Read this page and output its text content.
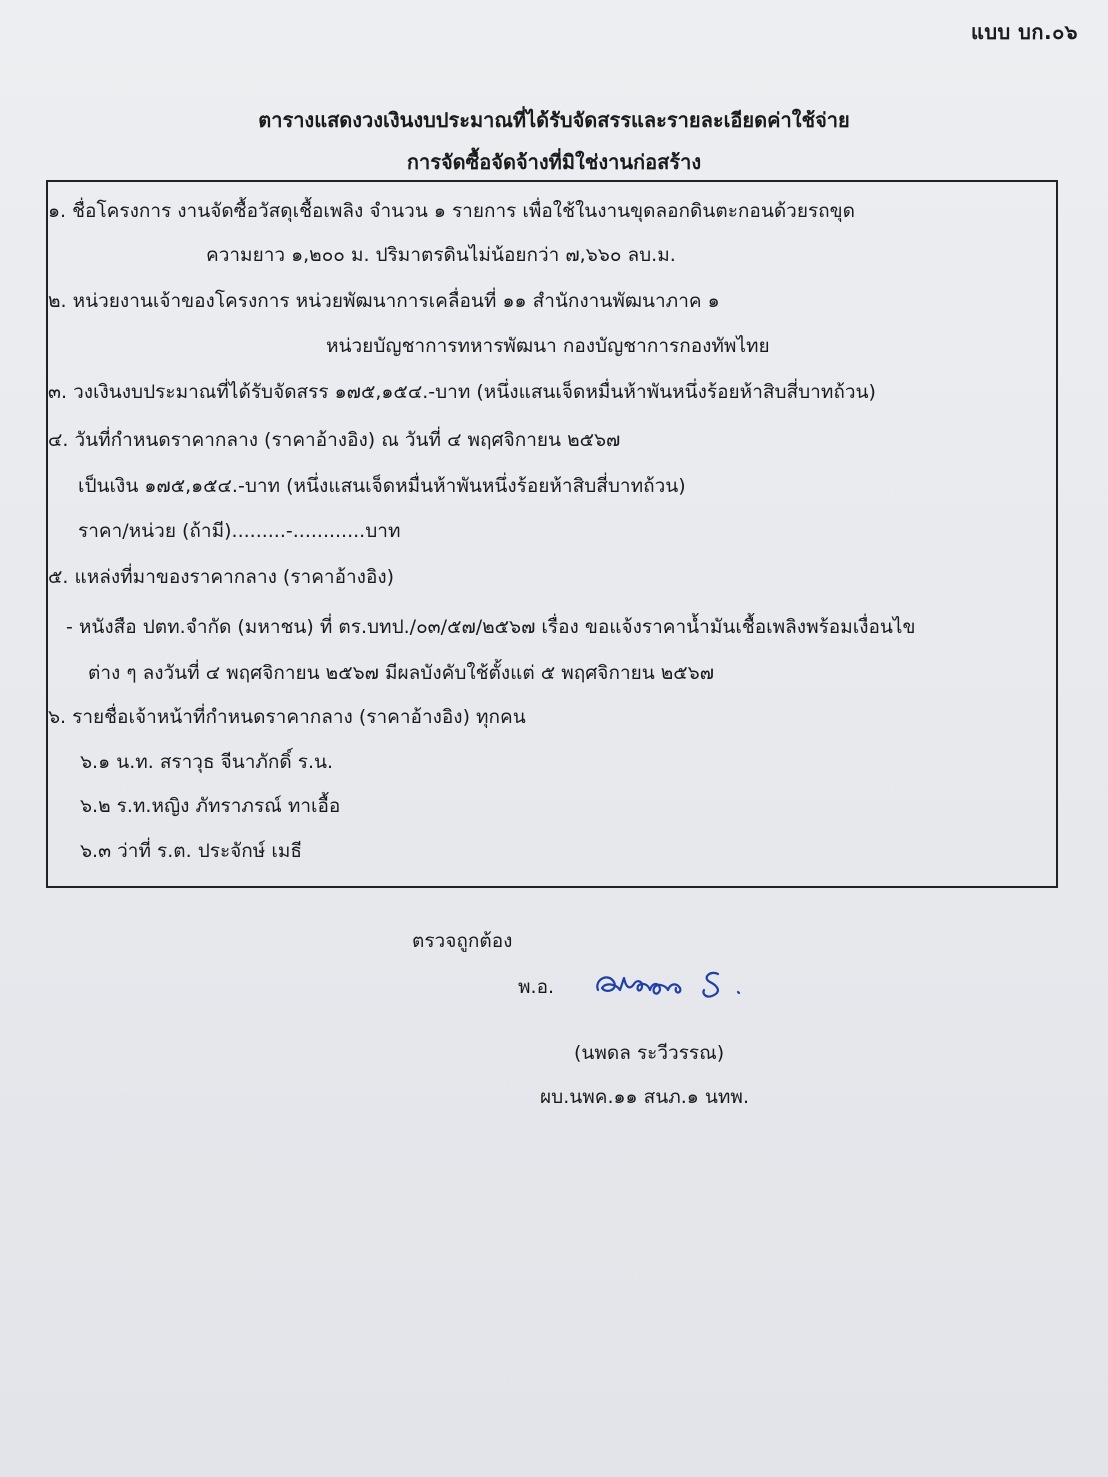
แบบ บก.๐๖
ตารางแสดงวงเงินงบประมาณที่ได้รับจัดสรรและรายละเอียดค่าใช้จ่าย
การจัดซื้อจัดจ้างที่มิใช่งานก่อสร้าง
๑. ชื่อโครงการ งานจัดซื้อวัสดุเชื้อเพลิง จำนวน ๑ รายการ เพื่อใช้ในงานขุดลอกดินตะกอนด้วยรถขุด
ความยาว ๑,๒๐๐ ม. ปริมาตรดินไม่น้อยกว่า ๗,๖๖๐ ลบ.ม.
๒. หน่วยงานเจ้าของโครงการ หน่วยพัฒนาการเคลื่อนที่ ๑๑ สำนักงานพัฒนาภาค ๑
หน่วยบัญชาการทหารพัฒนา กองบัญชาการกองทัพไทย
๓. วงเงินงบประมาณที่ได้รับจัดสรร ๑๗๕,๑๕๔.-บาท (หนึ่งแสนเจ็ดหมื่นห้าพันหนึ่งร้อยห้าสิบสี่บาทถ้วน)
๔. วันที่กำหนดราคากลาง (ราคาอ้างอิง) ณ วันที่ ๔ พฤศจิกายน ๒๕๖๗
เป็นเงิน ๑๗๕,๑๕๔.-บาท (หนึ่งแสนเจ็ดหมื่นห้าพันหนึ่งร้อยห้าสิบสี่บาทถ้วน)
ราคา/หน่วย (ถ้ามี).........-............บาท
๕. แหล่งที่มาของราคากลาง (ราคาอ้างอิง)
- หนังสือ ปตท.จำกัด (มหาชน) ที่ ตร.บทป./๐๓/๕๗/๒๕๖๗ เรื่อง ขอแจ้งราคาน้ำมันเชื้อเพลิงพร้อมเงื่อนไข
ต่าง ๆ ลงวันที่ ๔ พฤศจิกายน ๒๕๖๗ มีผลบังคับใช้ตั้งแต่ ๕ พฤศจิกายน ๒๕๖๗
๖. รายชื่อเจ้าหน้าที่กำหนดราคากลาง (ราคาอ้างอิง) ทุกคน
๖.๑ น.ท. สราวุธ จีนาภักดิ์ ร.น.
๖.๒ ร.ท.หญิง ภัทราภรณ์ ทาเอื้อ
๖.๓ ว่าที่ ร.ต. ประจักษ์ เมธี
ตรวจถูกต้อง
พ.อ.
(นพดล ระวีวรรณ)
ผบ.นพค.๑๑ สนภ.๑ นทพ.
